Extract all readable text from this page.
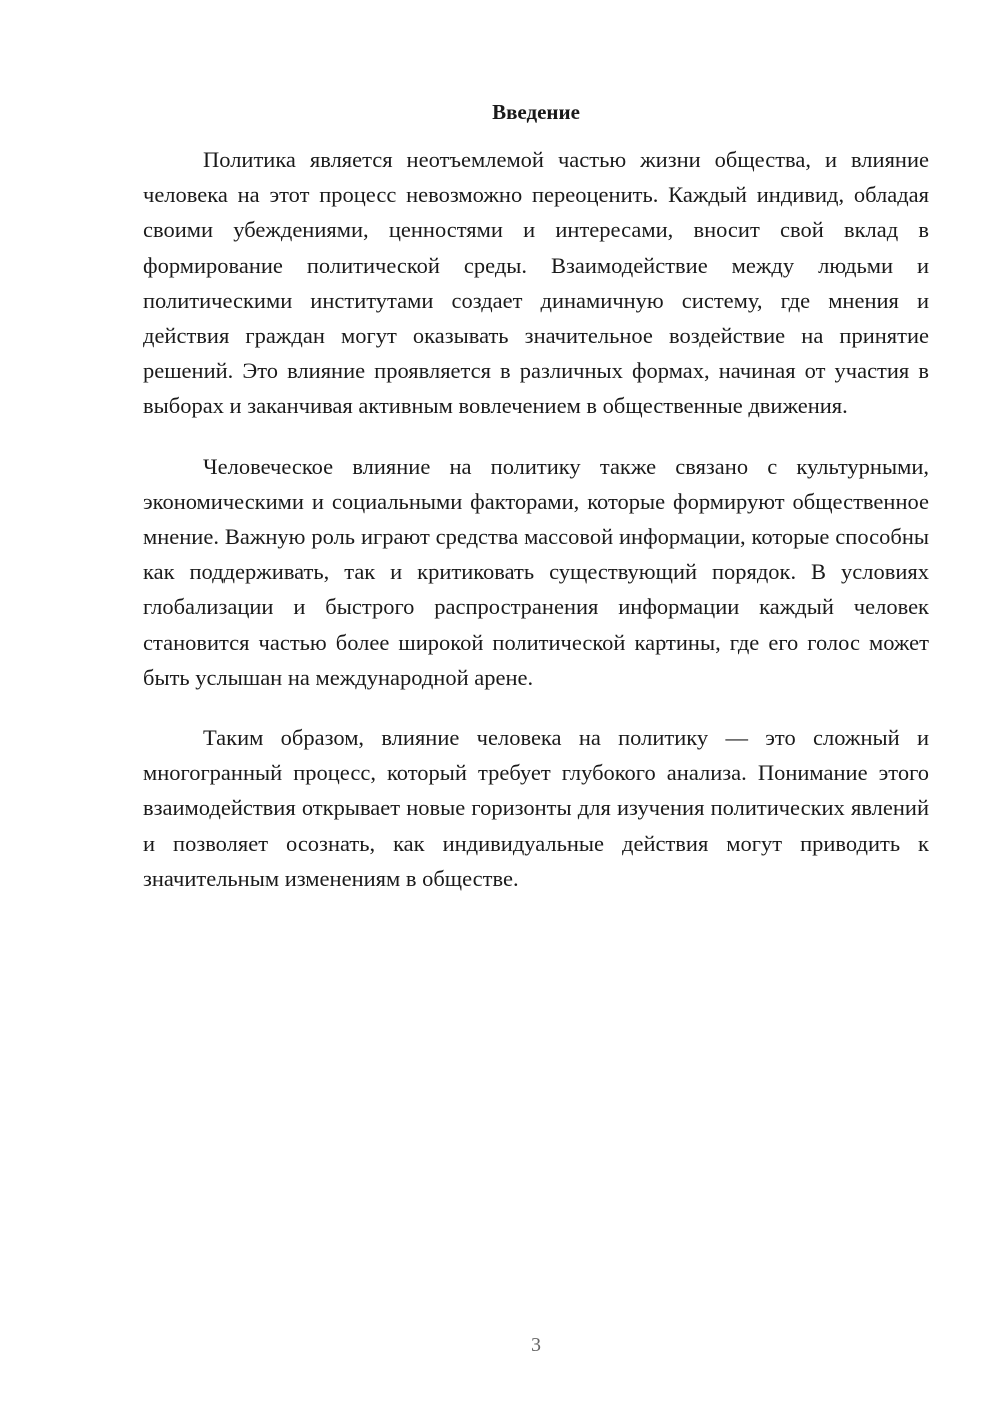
Введение

Политика является неотъемлемой частью жизни общества, и влияние человека на этот процесс невозможно переоценить. Каждый индивид, обладая своими убеждениями, ценностями и интересами, вносит свой вклад в формирование политической среды. Взаимодействие между людьми и политическими институтами создает динамичную систему, где мнения и действия граждан могут оказывать значительное воздействие на принятие решений. Это влияние проявляется в различных формах, начиная от участия в выборах и заканчивая активным вовлечением в общественные движения.

Человеческое влияние на политику также связано с культурными, экономическими и социальными факторами, которые формируют общественное мнение. Важную роль играют средства массовой информации, которые способны как поддерживать, так и критиковать существующий порядок. В условиях глобализации и быстрого распространения информации каждый человек становится частью более широкой политической картины, где его голос может быть услышан на международной арене.

Таким образом, влияние человека на политику — это сложный и многогранный процесс, который требует глубокого анализа. Понимание этого взаимодействия открывает новые горизонты для изучения политических явлений и позволяет осознать, как индивидуальные действия могут приводить к значительным изменениям в обществе.

3
